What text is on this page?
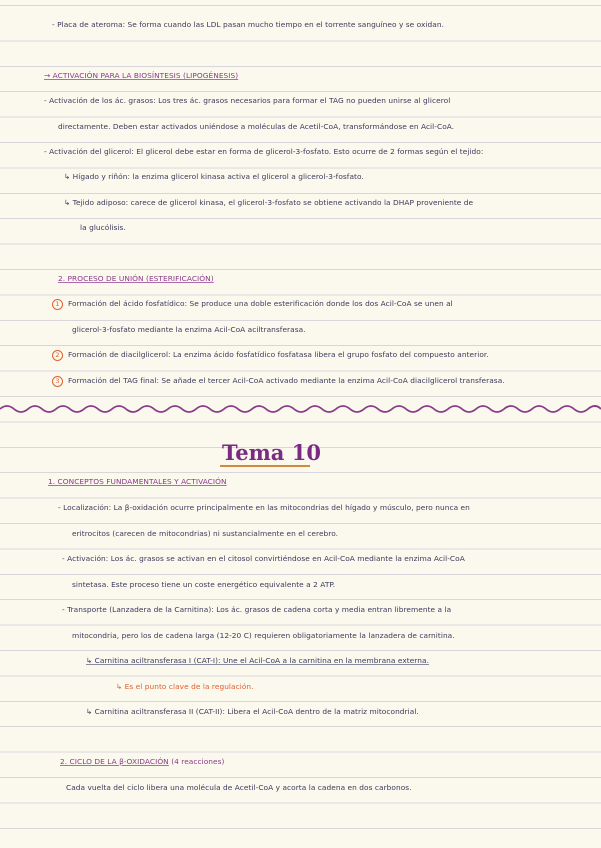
- Placa de ateroma: Se forma cuando las LDL pasan mucho tiempo en el torrente sanguíneo y se oxidan.
→ ACTIVACIÓN PARA LA BIOSÍNTESIS (LIPOGÉNESIS)
- Activación de los ác. grasos: Los tres ác. grasos necesarios para formar el TAG no pueden unirse al glicerol
directamente. Deben estar activados uniéndose a moléculas de Acetil-CoA, transformándose en Acil-CoA.
- Activación del glicerol: El glicerol debe estar en forma de glicerol-3-fosfato. Esto ocurre de 2 formas según el tejido:
↳ Hígado y riñón: la enzima glicerol kinasa activa el glicerol a glicerol-3-fosfato.
↳ Tejido adiposo: carece de glicerol kinasa, el glicerol-3-fosfato se obtiene activando la DHAP proveniente de
la glucólisis.
2. PROCESO DE UNIÓN (ESTERIFICACIÓN)
1 Formación del ácido fosfatídico: Se produce una doble esterificación donde los dos Acil-CoA se unen al
glicerol-3-fosfato mediante la enzima Acil-CoA aciltransferasa.
2 Formación de diacilglicerol: La enzima ácido fosfatídico fosfatasa libera el grupo fosfato del compuesto anterior.
3 Formación del TAG final: Se añade el tercer Acil-CoA activado mediante la enzima Acil-CoA diacilglicerol transferasa.
Tema 10
1. CONCEPTOS FUNDAMENTALES Y ACTIVACIÓN
- Localización: La β-oxidación ocurre principalmente en las mitocondrias del hígado y músculo, pero nunca en
eritrocitos (carecen de mitocondrias) ni sustancialmente en el cerebro.
- Activación: Los ác. grasos se activan en el citosol convirtiéndose en Acil-CoA mediante la enzima Acil-CoA
sintetasa. Este proceso tiene un coste energético equivalente a 2 ATP.
- Transporte (Lanzadera de la Carnitina): Los ác. grasos de cadena corta y media entran libremente a la
mitocondria, pero los de cadena larga (12-20 C) requieren obligatoriamente la lanzadera de carnitina.
↳ Carnitina aciltransferasa I (CAT-I): Une el Acil-CoA a la carnitina en la membrana externa.
↳ Es el punto clave de la regulación.
↳ Carnitina aciltransferasa II (CAT-II): Libera el Acil-CoA dentro de la matriz mitocondrial.
2. CICLO DE LA β-OXIDACIÓN (4 reacciones)
Cada vuelta del ciclo libera una molécula de Acetil-CoA y acorta la cadena en dos carbonos.
